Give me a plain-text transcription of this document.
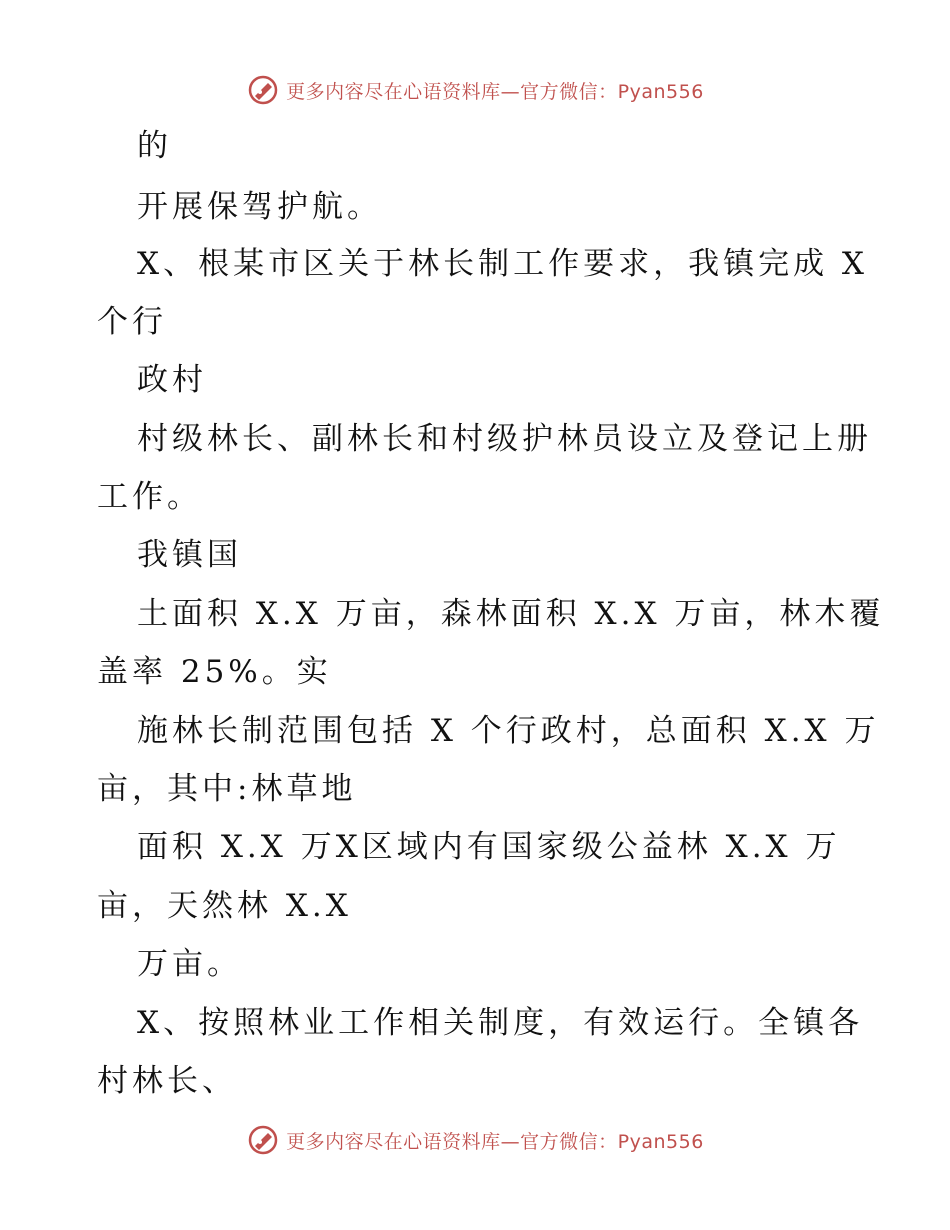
更多内容尽在心语资料库—官方微信：Pyan556
的
开展保驾护航。
X、根某市区关于林长制工作要求，我镇完成 X
个行
政村
村级林长、副林长和村级护林员设立及登记上册
工作。
我镇国
土面积 X.X 万亩，森林面积 X.X 万亩，林木覆
盖率 25%。实
施林长制范围包括 X 个行政村，总面积 X.X 万
亩，其中:林草地
面积 X.X 万X区域内有国家级公益林 X.X 万
亩，天然林 X.X
万亩。
X、按照林业工作相关制度，有效运行。全镇各
村林长、
更多内容尽在心语资料库—官方微信：Pyan556
